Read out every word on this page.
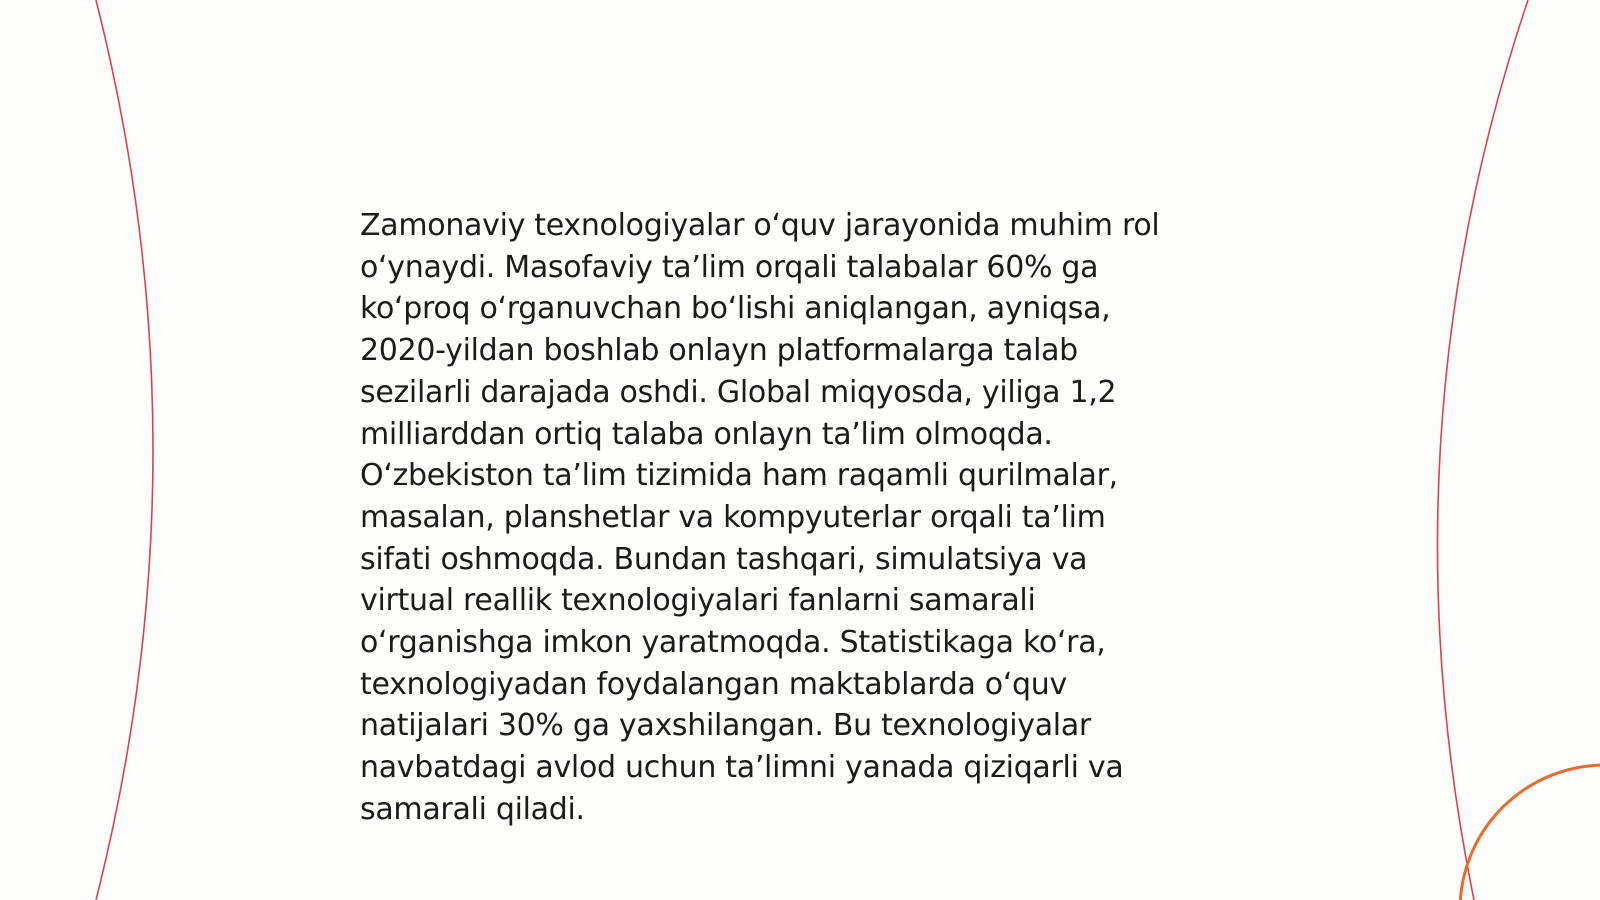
Zamonaviy texnologiyalar o‘quv jarayonida muhim rol
o‘ynaydi. Masofaviy ta’lim orqali talabalar 60% ga
ko‘proq o‘rganuvchan bo‘lishi aniqlangan, ayniqsa,
2020-yildan boshlab onlayn platformalarga talab
sezilarli darajada oshdi. Global miqyosda, yiliga 1,2
milliarddan ortiq talaba onlayn ta’lim olmoqda.
O‘zbekiston ta’lim tizimida ham raqamli qurilmalar,
masalan, planshetlar va kompyuterlar orqali ta’lim
sifati oshmoqda. Bundan tashqari, simulatsiya va
virtual reallik texnologiyalari fanlarni samarali
o‘rganishga imkon yaratmoqda. Statistikaga ko‘ra,
texnologiyadan foydalangan maktablarda o‘quv
natijalari 30% ga yaxshilangan. Bu texnologiyalar
navbatdagi avlod uchun ta’limni yanada qiziqarli va
samarali qiladi.
